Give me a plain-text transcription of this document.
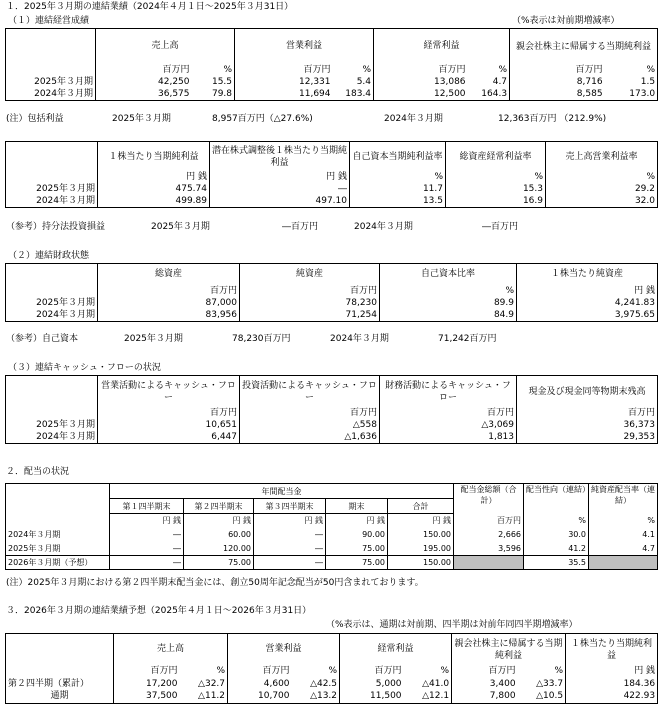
１．2025年３月期の連結業績（2024年４月１日～2025年３月31日）
（１）連結経営成績	（%表示は対前期増減率）
	売上高		営業利益		経常利益		親会社株主に帰属する当期純利益	
	百万円	%	百万円	%	百万円	%	百万円	%
2025年３月期	42,250	15.5	12,331	5.4	13,086	4.7	8,716	1.5
2024年３月期	36,575	79.8	11,694	183.4	12,500	164.3	8,585	173.0
(注）包括利益	2025年３月期	8,957百万円（△27.6%)	2024年３月期	12,363百万円 （212.9%)
	１株当たり当期純利益	潜在株式調整後１株当たり当期純利益	自己資本当期純利益率	総資産経常利益率	売上高営業利益率
	円 銭	円 銭	%	%	%
2025年３月期	475.74	―	11.7	15.3	29.2
2024年３月期	499.89	497.10	13.5	16.9	32.0
（参考）持分法投資損益	2025年３月期	―百万円	2024年３月期	―百万円
（２）連結財政状態
	総資産	純資産	自己資本比率	１株当たり純資産
	百万円	百万円	%	円 銭
2025年３月期	87,000	78,230	89.9	4,241.83
2024年３月期	83,956	71,254	84.9	3,975.65
（参考）自己資本	2025年３月期	78,230百万円	2024年３月期	71,242百万円
（３）連結キャッシュ・フローの状況
	営業活動によるキャッシュ・フロー	投資活動によるキャッシュ・フロー	財務活動によるキャッシュ・フロー	現金及び現金同等物期末残高
	百万円	百万円	百万円	百万円
2025年３月期	10,651	△558	△3,069	36,373
2024年３月期	6,447	△1,636	1,813	29,353
２．配当の状況
	年間配当金					配当金総額（合計）	配当性向（連結）	純資産配当率（連結）
	第１四半期末	第２四半期末	第３四半期末	期末	合計			
	円 銭	円 銭	円 銭	円 銭	円 銭	百万円	%	%
2024年３月期	―	60.00	―	90.00	150.00	2,666	30.0	4.1
2025年３月期	―	120.00	―	75.00	195.00	3,596	41.2	4.7
2026年３月期（予想）	―	75.00	―	75.00	150.00		35.5	
(注）2025年３月期における第２四半期末配当金には、創立50周年記念配当が50円含まれております。
３．2026年３月期の連結業績予想（2025年４月１日～2026年３月31日）
（%表示は、通期は対前期、四半期は対前年同四半期増減率）
	売上高		営業利益		経常利益		親会社株主に帰属する当期純利益		１株当たり当期純利益
	百万円	%	百万円	%	百万円	%	百万円	%	円 銭
第２四半期（累計）	17,200	△32.7	4,600	△42.5	5,000	△41.0	3,400	△33.7	184.36
通期	37,500	△11.2	10,700	△13.2	11,500	△12.1	7,800	△10.5	422.93
